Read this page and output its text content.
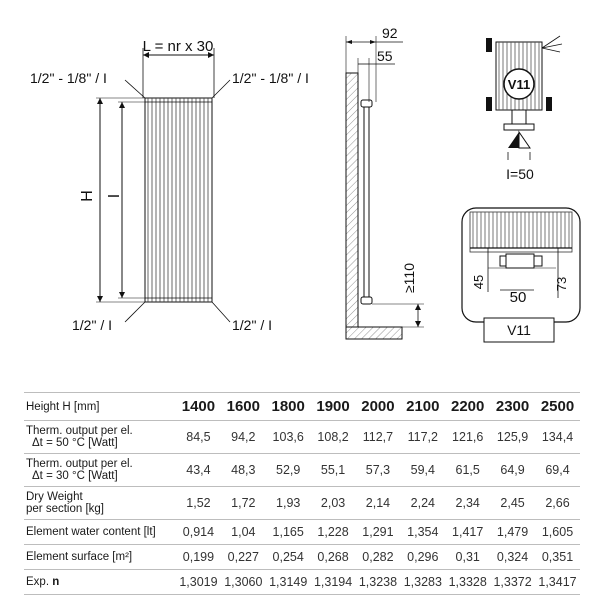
L = nr x 30
1/2" - 1/8" / I	1/2" - 1/8" / I
1/2" / I	1/2" / I
H I
92
55
≥110
V11
I=50
45
50
73
V11
Height H [mm]	1400	1600	1800	1900	2000	2100	2200	2300	2500

Therm. output per el.
Δt = 50 °C [Watt]	84,5	94,2	103,6	108,2	112,7	117,2	121,6	125,9	134,4

Therm. output per el.
Δt = 30 °C [Watt]	43,4	48,3	52,9	55,1	57,3	59,4	61,5	64,9	69,4

Dry Weight
per section [kg]	1,52	1,72	1,93	2,03	2,14	2,24	2,34	2,45	2,66
Element water content [lt]	0,914	1,04	1,165	1,228	1,291	1,354	1,417	1,479	1,605
Element surface [m²]	0,199	0,227	0,254	0,268	0,282	0,296	0,31	0,324	0,351
Exp. n	1,3019	1,3060	1,3149	1,3194	1,3238	1,3283	1,3328	1,3372	1,3417
